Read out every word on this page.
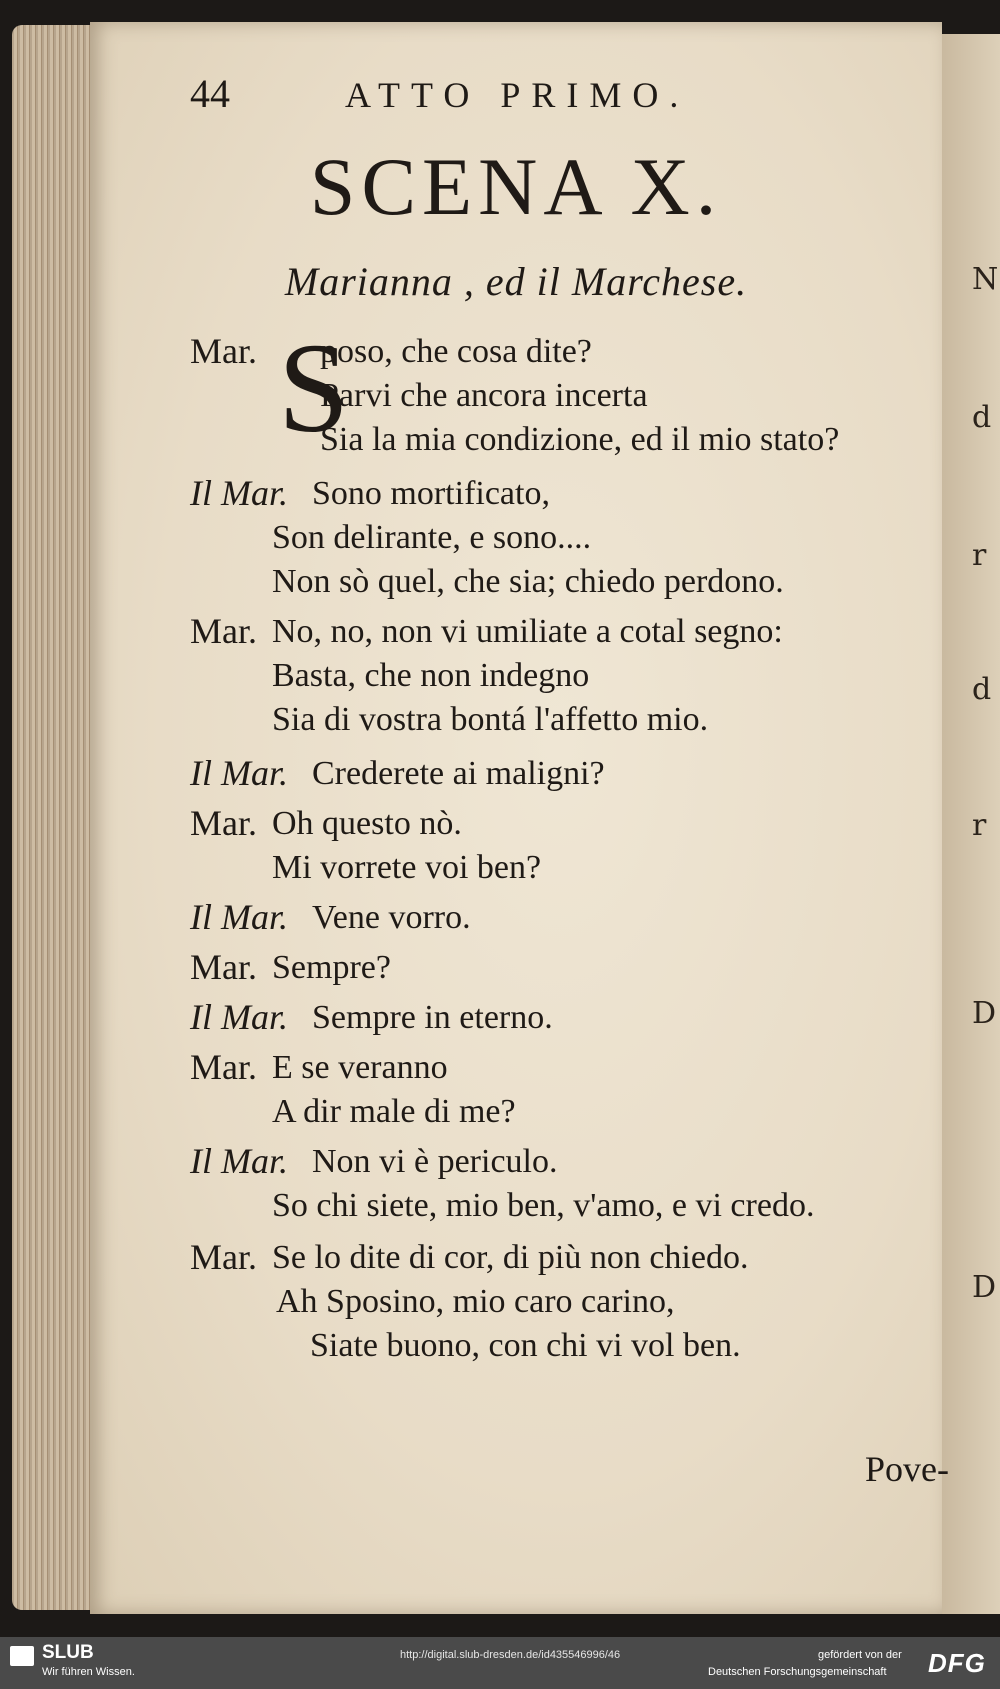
N
d
r
d
r
D
D
44	ATTO PRIMO.
SCENA X.
Marianna , ed il Marchese.
Mar. S
poso, che cosa dite?
Parvi che ancora incerta
Sia la mia condizione, ed il mio stato?
Il Mar. Sono mortificato,
Son delirante, e sono....
Non sò quel, che sia; chiedo perdono.
Mar. No, no, non vi umiliate a cotal segno:
Basta, che non indegno
Sia di vostra bontá l'affetto mio.
Il Mar. Crederete ai maligni?
Mar. Oh questo nò.
Mi vorrete voi ben?
Il Mar. Vene vorro.
Mar. Sempre?
Il Mar. Sempre in eterno.
Mar. E se veranno
A dir male di me?
Il Mar. Non vi è periculo.
So chi siete, mio ben, v'amo, e vi credo.
Mar. Se lo dite di cor, di più non chiedo.
Ah Sposino, mio caro carino,
Siate buono, con chi vi vol ben.
Pove-
SLUB
Wir führen Wissen.
http://digital.slub-dresden.de/id435546996/46	gefördert von der
Deutschen Forschungsgemeinschaft DFG
